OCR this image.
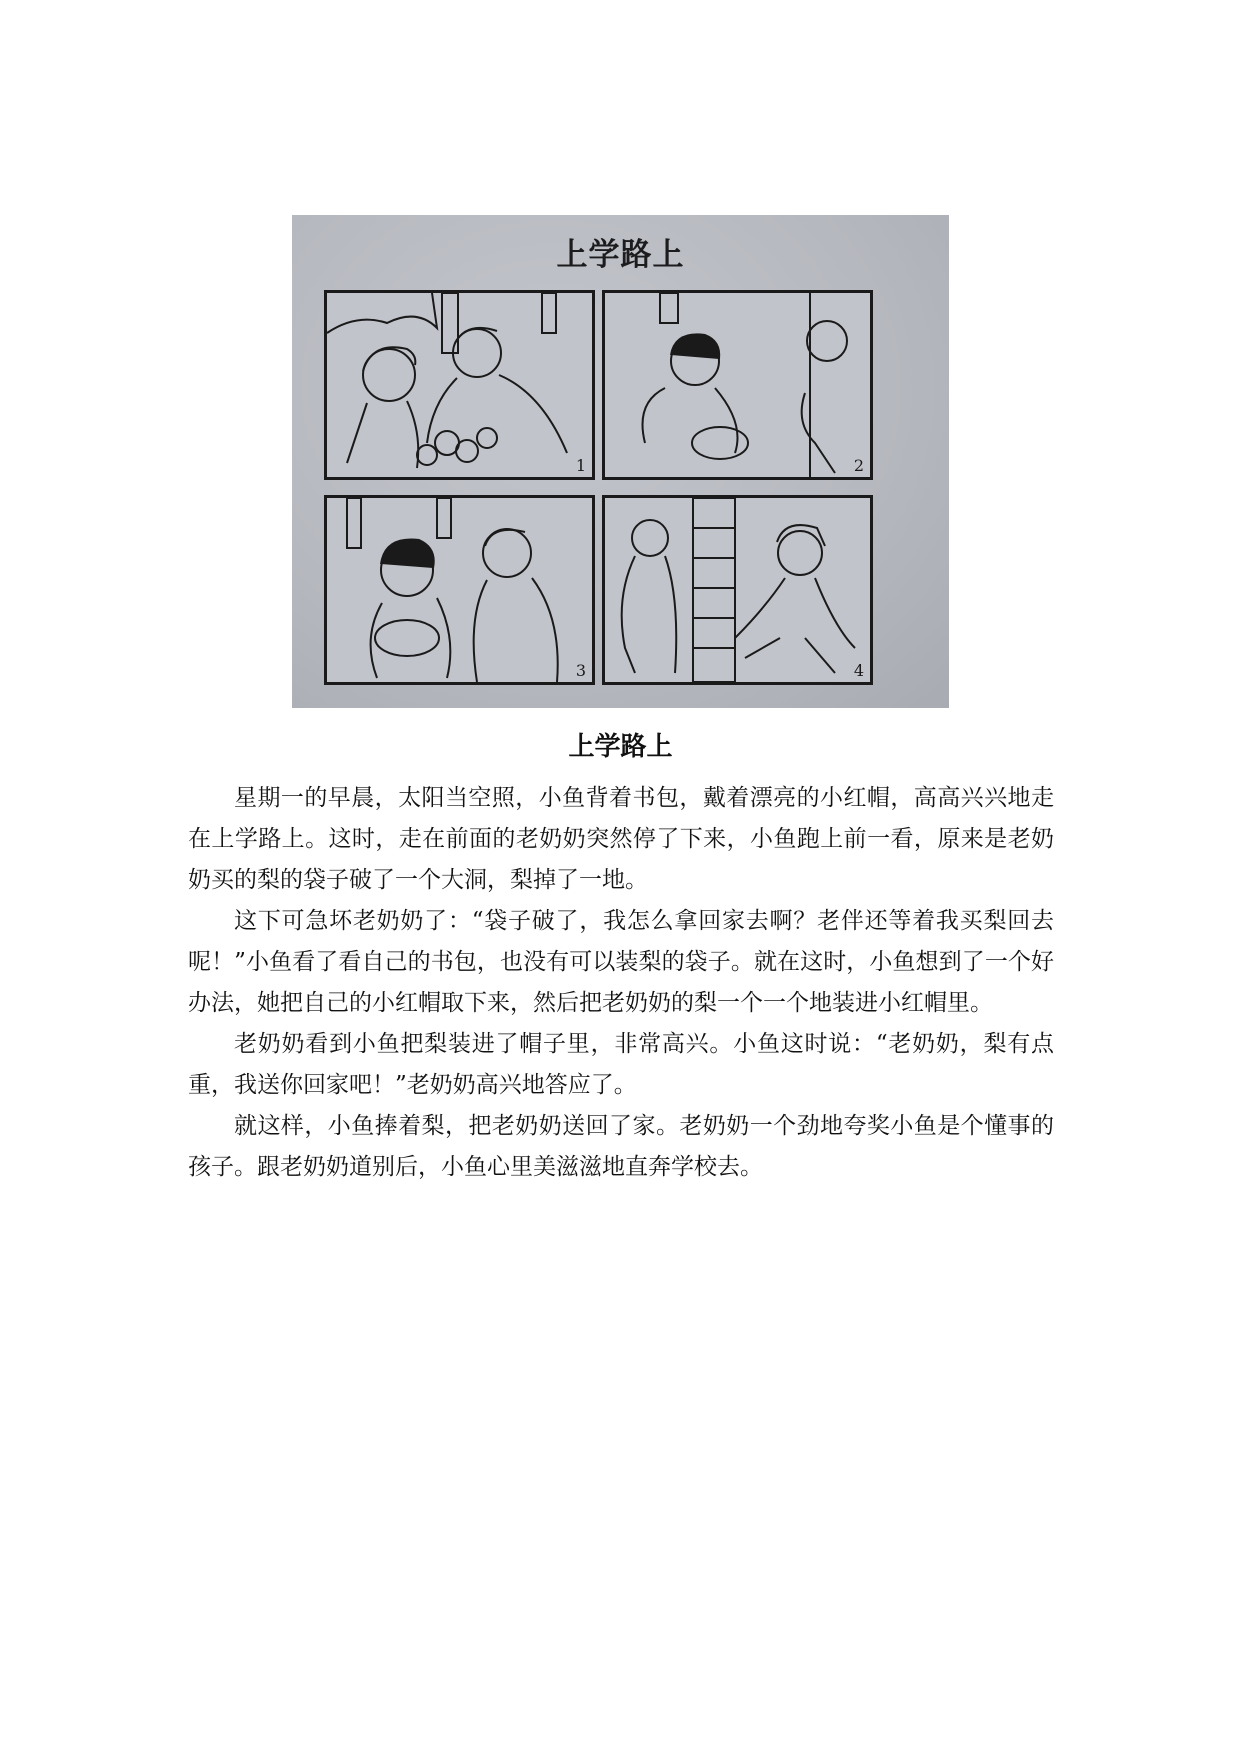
上学路上
1	2
3	4
上学路上

星期一的早晨，太阳当空照，小鱼背着书包，戴着漂亮的小红帽，高高兴兴地走在上学路上。这时，走在前面的老奶奶突然停了下来，小鱼跑上前一看，原来是老奶奶买的梨的袋子破了一个大洞，梨掉了一地。

这下可急坏老奶奶了：“袋子破了，我怎么拿回家去啊？老伴还等着我买梨回去呢！”小鱼看了看自己的书包，也没有可以装梨的袋子。就在这时，小鱼想到了一个好办法，她把自己的小红帽取下来，然后把老奶奶的梨一个一个地装进小红帽里。

老奶奶看到小鱼把梨装进了帽子里，非常高兴。小鱼这时说：“老奶奶，梨有点重，我送你回家吧！”老奶奶高兴地答应了。

就这样，小鱼捧着梨，把老奶奶送回了家。老奶奶一个劲地夸奖小鱼是个懂事的孩子。跟老奶奶道别后，小鱼心里美滋滋地直奔学校去。
